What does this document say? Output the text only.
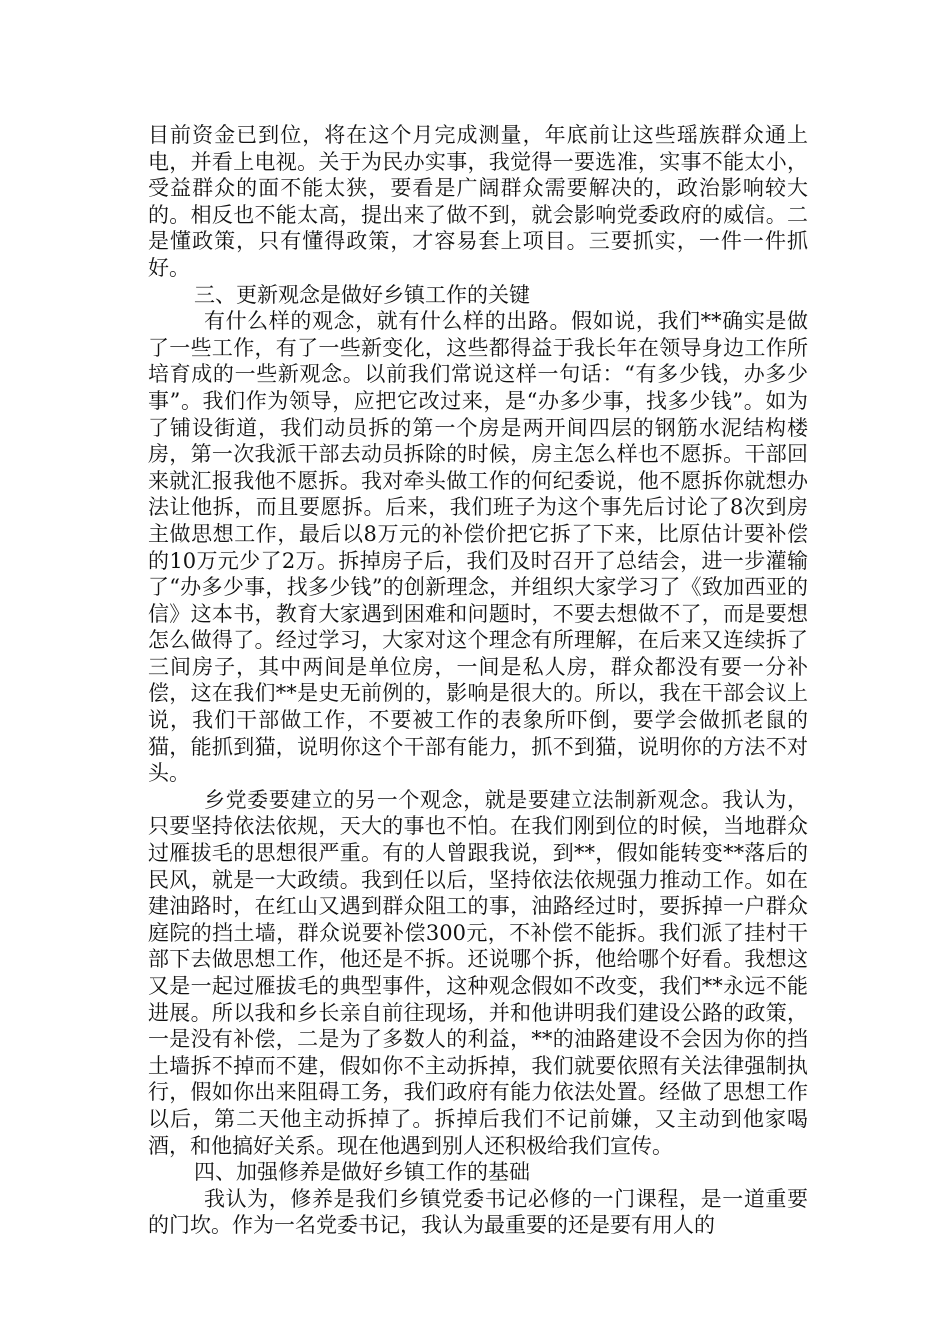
目前资金已到位，将在这个月完成测量，年底前让这些瑶族群众通上电，并看上电视。关于为民办实事，我觉得一要选准，实事不能太小，受益群众的面不能太狭，要看是广阔群众需要解决的，政治影响较大的。相反也不能太高，提出来了做不到，就会影响党委政府的威信。二是懂政策，只有懂得政策，才容易套上项目。三要抓实，一件一件抓好。

三、更新观念是做好乡镇工作的关键

有什么样的观念，就有什么样的出路。假如说，我们**确实是做了一些工作，有了一些新变化，这些都得益于我长年在领导身边工作所培育成的一些新观念。以前我们常说这样一句话：“有多少钱，办多少事”。我们作为领导，应把它改过来，是“办多少事，找多少钱”。如为了铺设街道，我们动员拆的第一个房是两开间四层的钢筋水泥结构楼房，第一次我派干部去动员拆除的时候，房主怎么样也不愿拆。干部回来就汇报我他不愿拆。我对牵头做工作的何纪委说，他不愿拆你就想办法让他拆，而且要愿拆。后来，我们班子为这个事先后讨论了8次到房主做思想工作，最后以8万元的补偿价把它拆了下来，比原估计要补偿的10万元少了2万。拆掉房子后，我们及时召开了总结会，进一步灌输了“办多少事，找多少钱”的创新理念，并组织大家学习了《致加西亚的信》这本书，教育大家遇到困难和问题时，不要去想做不了，而是要想怎么做得了。经过学习，大家对这个理念有所理解，在后来又连续拆了三间房子，其中两间是单位房，一间是私人房，群众都没有要一分补偿，这在我们**是史无前例的，影响是很大的。所以，我在干部会议上说，我们干部做工作，不要被工作的表象所吓倒，要学会做抓老鼠的猫，能抓到猫，说明你这个干部有能力，抓不到猫，说明你的方法不对头。

乡党委要建立的另一个观念，就是要建立法制新观念。我认为，只要坚持依法依规，天大的事也不怕。在我们刚到位的时候，当地群众过雁拔毛的思想很严重。有的人曾跟我说，到**，假如能转变**落后的民风，就是一大政绩。我到任以后，坚持依法依规强力推动工作。如在建油路时，在红山又遇到群众阻工的事，油路经过时，要拆掉一户群众庭院的挡土墙，群众说要补偿300元，不补偿不能拆。我们派了挂村干部下去做思想工作，他还是不拆。还说哪个拆，他给哪个好看。我想这又是一起过雁拔毛的典型事件，这种观念假如不改变，我们**永远不能进展。所以我和乡长亲自前往现场，并和他讲明我们建设公路的政策，一是没有补偿，二是为了多数人的利益，**的油路建设不会因为你的挡土墙拆不掉而不建，假如你不主动拆掉，我们就要依照有关法律强制执行，假如你出来阻碍工务，我们政府有能力依法处置。经做了思想工作以后，第二天他主动拆掉了。拆掉后我们不记前嫌，又主动到他家喝酒，和他搞好关系。现在他遇到别人还积极给我们宣传。

四、加强修养是做好乡镇工作的基础

我认为，修养是我们乡镇党委书记必修的一门课程，是一道重要的门坎。作为一名党委书记，我认为最重要的还是要有用人的
